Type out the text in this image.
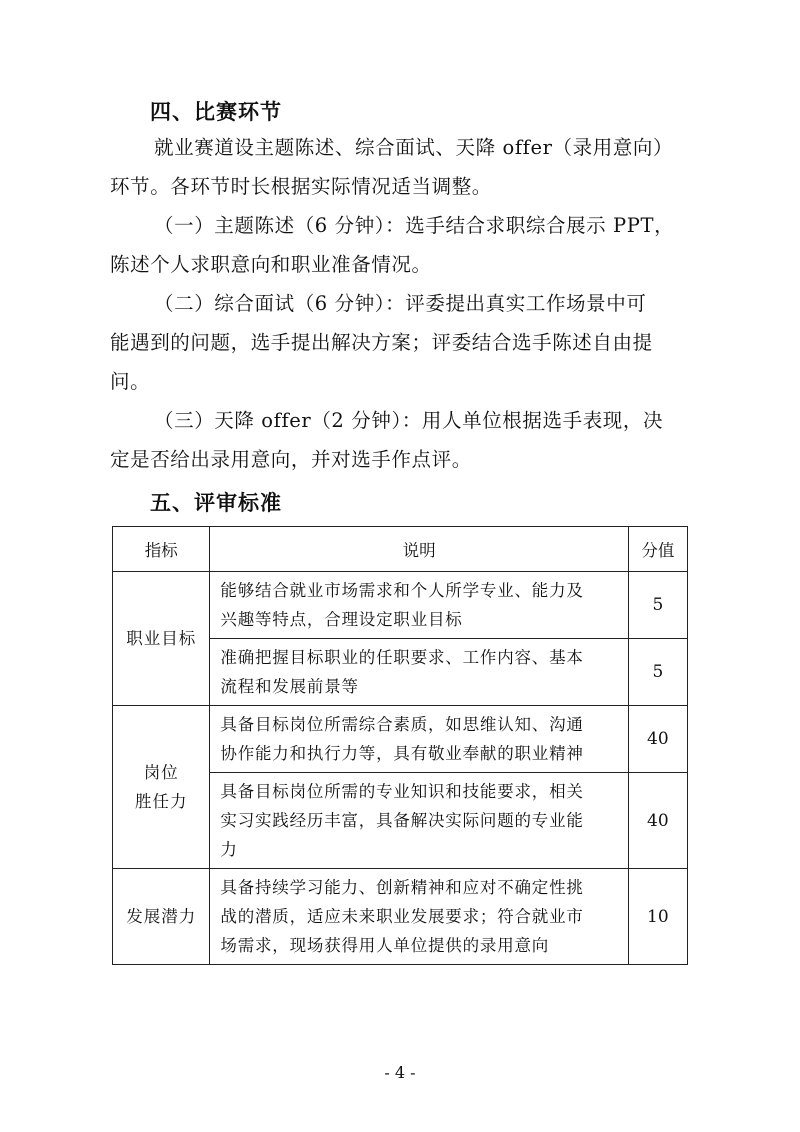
四、比赛环节
就业赛道设主题陈述、综合面试、天降 offer（录用意向）
环节。各环节时长根据实际情况适当调整。
（一）主题陈述（6 分钟）：选手结合求职综合展示 PPT，
陈述个人求职意向和职业准备情况。
（二）综合面试（6 分钟）：评委提出真实工作场景中可
能遇到的问题，选手提出解决方案；评委结合选手陈述自由提
问。
（三）天降 offer（2 分钟）：用人单位根据选手表现，决
定是否给出录用意向，并对选手作点评。
五、评审标准
指标	说明	分值

职业目标	能够结合就业市场需求和个人所学专业、能力及
兴趣等特点，合理设定职业目标	5

	准确把握目标职业的任职要求、工作内容、基本
流程和发展前景等	5

岗位
胜任力	具备目标岗位所需综合素质，如思维认知、沟通
协作能力和执行力等，具有敬业奉献的职业精神	40

	具备目标岗位所需的专业知识和技能要求，相关
实习实践经历丰富，具备解决实际问题的专业能
力	40

发展潜力	具备持续学习能力、创新精神和应对不确定性挑
战的潜质，适应未来职业发展要求；符合就业市
场需求，现场获得用人单位提供的录用意向	10
- 4 -
